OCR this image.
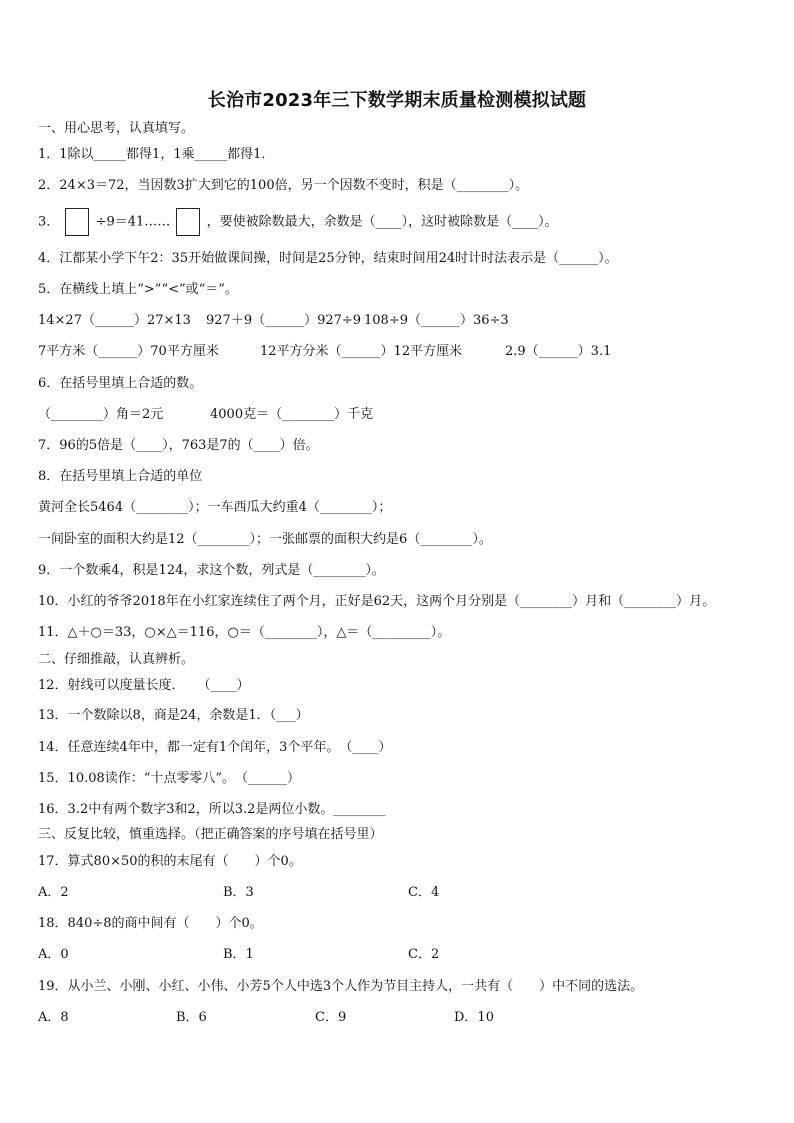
长治市2023年三下数学期末质量检测模拟试题
一、用心思考，认真填写。
1．1除以_____都得1，1乘_____都得1．
2．24×3＝72，当因数3扩大到它的100倍，另一个因数不变时，积是（________）。
3．	÷9＝41……	，要使被除数最大，余数是（____），这时被除数是（____）。
4．江都某小学下午2：35开始做课间操，时间是25分钟，结束时间用24时计时法表示是（______）。
5．在横线上填上“>”“<”或“＝”。
14×27（______）27×13 927＋9（______）927÷9 108÷9（______）36÷3
7平方米（______）70平方厘米	12平方分米（______）12平方厘米	2.9（______）3.1
6．在括号里填上合适的数。
（________）角＝2元	4000克＝（________）千克
7．96的5倍是（____），763是7的（____）倍。
8．在括号里填上合适的单位
黄河全长5464（________）；一车西瓜大约重4（________）；
一间卧室的面积大约是12（________）；一张邮票的面积大约是6（________）。
9．一个数乘4，积是124，求这个数，列式是（________）。
10．小红的爷爷2018年在小红家连续住了两个月，正好是62天，这两个月分别是（________）月和（________）月。
11．△＋○＝33，○×△＝116，○＝（________），△＝（_________）。
二、仔细推敲，认真辨析。
12．射线可以度量长度．　　（____）
13．一个数除以8，商是24，余数是1．（___）
14．任意连续4年中，都一定有1个闰年，3个平年。　（____）
15．10.08读作：“十点零零八”。　（______）
16．3.2中有两个数字3和2，所以3.2是两位小数。________
三、反复比较，慎重选择。（把正确答案的序号填在括号里）
17．算式80×50的积的末尾有（　　）个0。
A．2	B．3	C．4
18．840÷8的商中间有（　　）个0。
A．0	B．1	C．2
19．从小兰、小刚、小红、小伟、小芳5个人中选3个人作为节目主持人，一共有（　　）中不同的选法。
A．8	B．6	C．9	D．10
